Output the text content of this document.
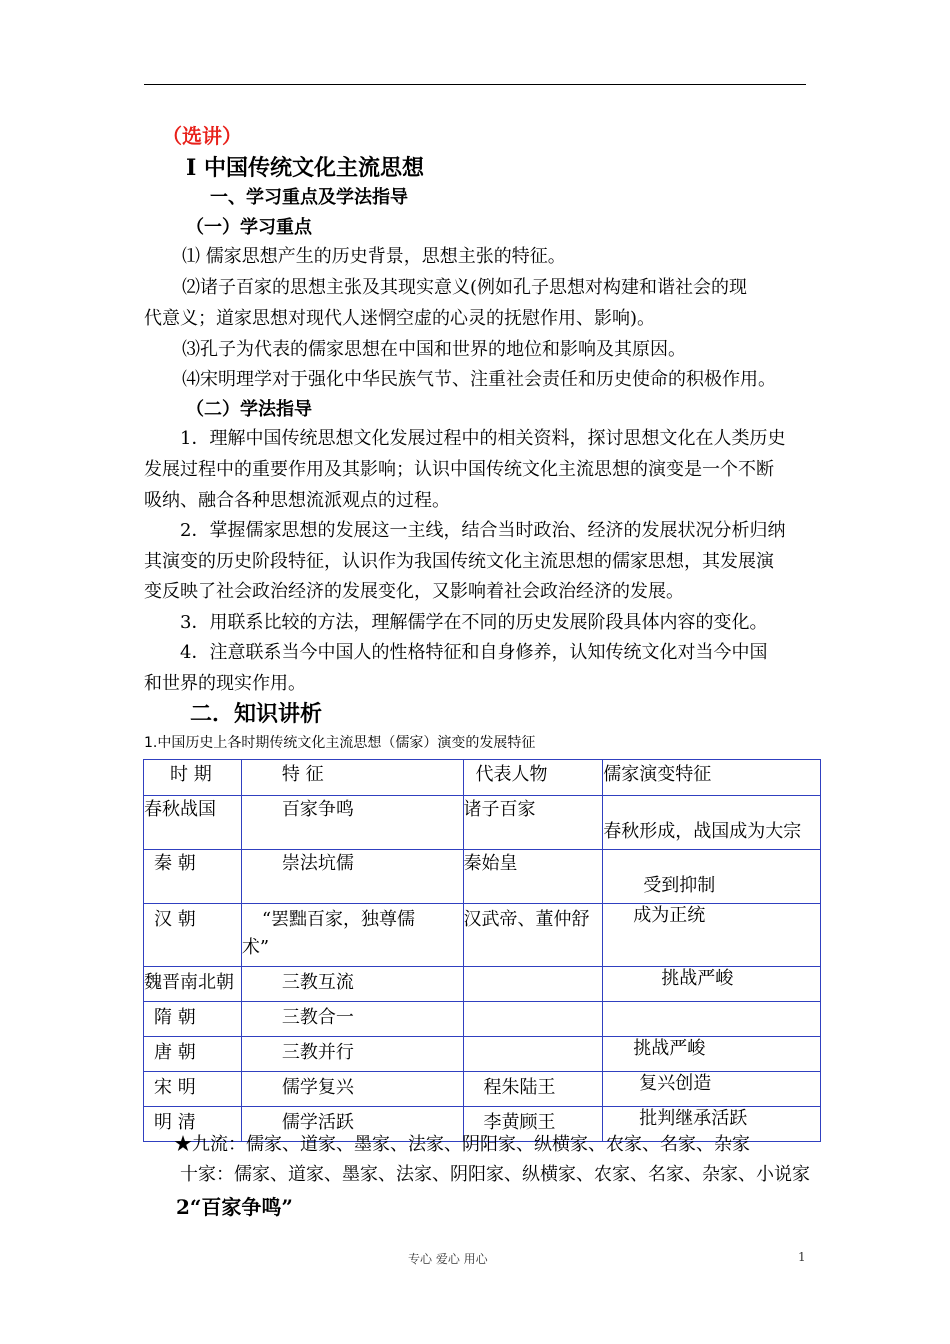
（选讲）
Ⅰ 中国传统文化主流思想
一、学习重点及学法指导
（一）学习重点
⑴ 儒家思想产生的历史背景，思想主张的特征。
⑵诸子百家的思想主张及其现实意义(例如孔子思想对构建和谐社会的现
代意义；道家思想对现代人迷惘空虚的心灵的抚慰作用、影响)。
⑶孔子为代表的儒家思想在中国和世界的地位和影响及其原因。
⑷宋明理学对于强化中华民族气节、注重社会责任和历史使命的积极作用。
（二）学法指导
1．理解中国传统思想文化发展过程中的相关资料，探讨思想文化在人类历史
发展过程中的重要作用及其影响；认识中国传统文化主流思想的演变是一个不断
吸纳、融合各种思想流派观点的过程。
2．掌握儒家思想的发展这一主线，结合当时政治、经济的发展状况分析归纳
其演变的历史阶段特征，认识作为我国传统文化主流思想的儒家思想，其发展演
变反映了社会政治经济的发展变化，又影响着社会政治经济的发展。
3．用联系比较的方法，理解儒学在不同的历史发展阶段具体内容的变化。
4．注意联系当今中国人的性格特征和自身修养，认知传统文化对当今中国
和世界的现实作用。
二．知识讲析
1.中国历史上各时期传统文化主流思想（儒家）演变的发展特征
时 期	特 征	代表人物	儒家演变特征

春秋战国	百家争鸣	诸子百家	春秋形成，战国成为大宗

秦 朝	崇法坑儒	秦始皇	受到抑制

汉 朝	“罢黜百家，独尊儒
术”	汉武帝、董仲舒	成为正统

魏晋南北朝	三教互流		挑战严峻

隋 朝	三教合一		

唐 朝	三教并行		挑战严峻

宋 明	儒学复兴	程朱陆王	复兴创造

明 清	儒学活跃	李黄顾王	批判继承活跃
★九流：儒家、道家、墨家、法家、阴阳家、纵横家、农家、名家、杂家
十家：儒家、道家、墨家、法家、阴阳家、纵横家、农家、名家、杂家、小说家
2“百家争鸣”
专心 爱心 用心	1
